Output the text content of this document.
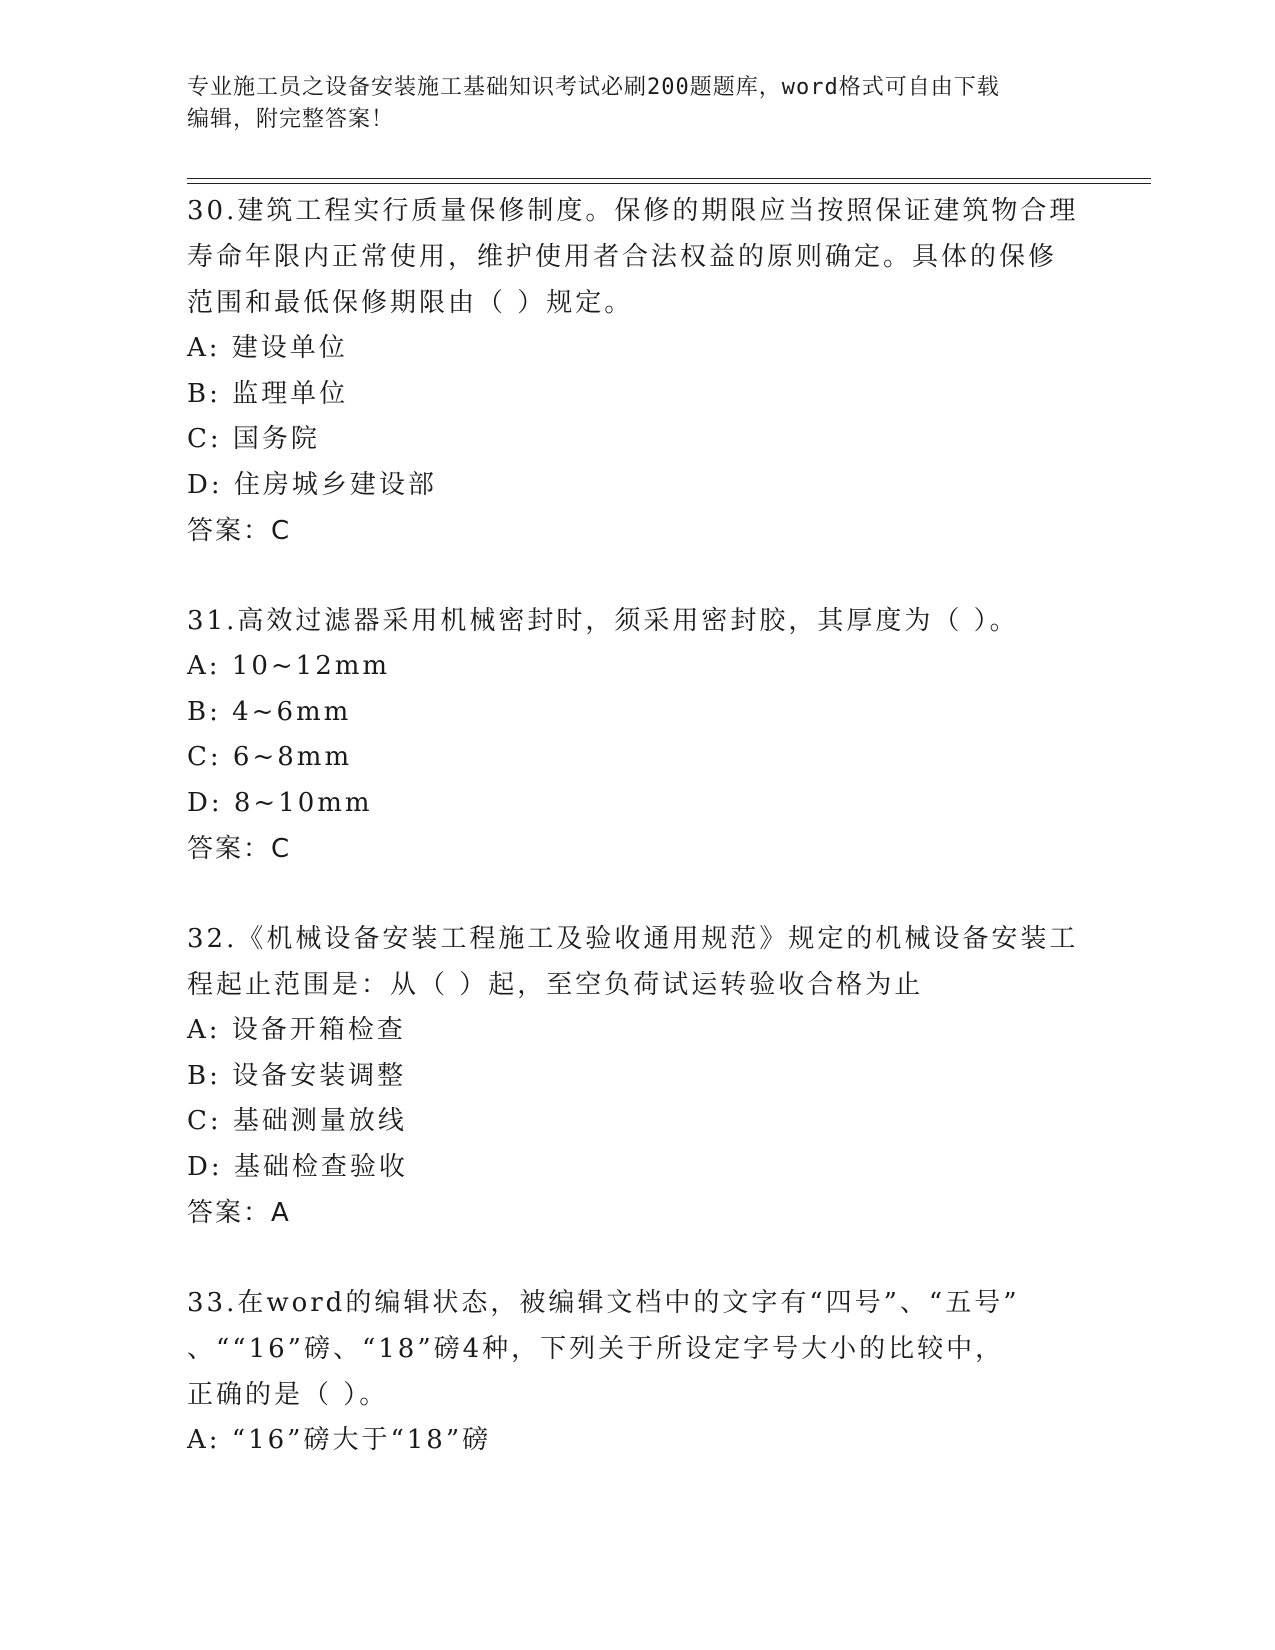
专业施工员之设备安装施工基础知识考试必刷200题题库，word格式可自由下载
编辑，附完整答案！
30.建筑工程实行质量保修制度。保修的期限应当按照保证建筑物合理
寿命年限内正常使用，维护使用者合法权益的原则确定。具体的保修
范围和最低保修期限由（ ）规定。
A: 建设单位
B: 监理单位
C: 国务院
D: 住房城乡建设部
答案：C
31.高效过滤器采用机械密封时，须采用密封胶，其厚度为（ ）。
A: 10~12mm
B: 4~6mm
C: 6~8mm
D: 8~10mm
答案：C
32.《机械设备安装工程施工及验收通用规范》规定的机械设备安装工
程起止范围是：从（ ）起，至空负荷试运转验收合格为止
A: 设备开箱检查
B: 设备安装调整
C: 基础测量放线
D: 基础检查验收
答案：A
33.在word的编辑状态，被编辑文档中的文字有“四号”、“五号”
、““16”磅、“18”磅4种，下列关于所设定字号大小的比较中，
正确的是（ ）。
A: “16”磅大于“18”磅
